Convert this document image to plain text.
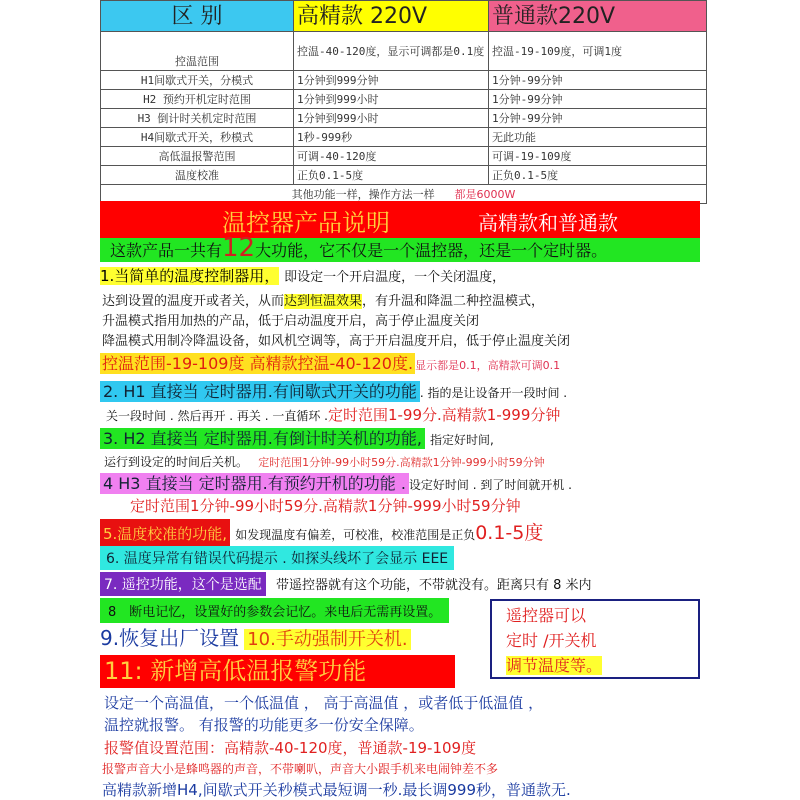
区 别	高精款 220V	普通款220V
控温范围	控温-40-120度，显示可调都是0.1度	控温-19-109度，可调1度
H1间歇式开关，分模式	1分钟到999分钟	1分钟-99分钟
H2 预约开机定时范围	1分钟到999小时	1分钟-99分钟
H3 倒计时关机定时范围	1分钟到999小时	1分钟-99分钟
H4间歇式开关，秒模式	1秒-999秒	无此功能
高低温报警范围	可调-40-120度	可调-19-109度
温度校准	正负0.1-5度	正负0.1-5度
其他功能一样，操作方法一样 都是6000W		
温控器产品说明	高精款和普通款
这款产品一共有12大功能，它不仅是一个温控器，还是一个定时器。
1.当简单的温度控制器用， 即设定一个开启温度，一个关闭温度，
达到设置的温度开或者关，从而达到恒温效果，有升温和降温二种控温模式，
升温模式指用加热的产品，低于启动温度开启，高于停止温度关闭
降温模式用制冷降温设备，如风机空调等，高于开启温度开启，低于停止温度关闭
控温范围-19-109度 高精款控温-40-120度. 显示都是0.1，高精款可调0.1
2. H1 直接当 定时器用.有间歇式开关的功能 . 指的是让设备开一段时间 .
关一段时间 . 然后再开 . 再关 . 一直循环 .定时范围1-99分.高精款1-999分钟
3. H2 直接当 定时器用.有倒计时关机的功能, 指定好时间,
运行到设定的时间后关机。 定时范围1分钟-99小时59分.高精款1分钟-999小时59分钟
4 H3 直接当 定时器用.有预约开机的功能 . 设定好时间 . 到了时间就开机 .
定时范围1分钟-99小时59分.高精款1分钟-999小时59分钟
5.温度校准的功能, 如发现温度有偏差，可校准，校准范围是正负0.1-5度
6. 温度异常有错误代码提示 . 如探头线坏了会显示 EEE
7. 遥控功能，这个是选配 带遥控器就有这个功能，不带就没有。距离只有 8 米内
8　断电记忆，设置好的参数会记忆。来电后无需再设置。
9.恢复出厂设置 10.手动强制开关机.
11: 新增高低温报警功能
遥控器可以
定时 /开关机
调节温度等。
设定一个高温值，一个低温值 ， 高于高温值 ，或者低于低温值 ，
温控就报警。 有报警的功能更多一份安全保障。
报警值设置范围：高精款-40-120度，普通款-19-109度
报警声音大小是蜂鸣器的声音，不带喇叭，声音大小跟手机来电闹钟差不多
高精款新增H4,间歇式开关秒模式最短调一秒.最长调999秒，普通款无.
